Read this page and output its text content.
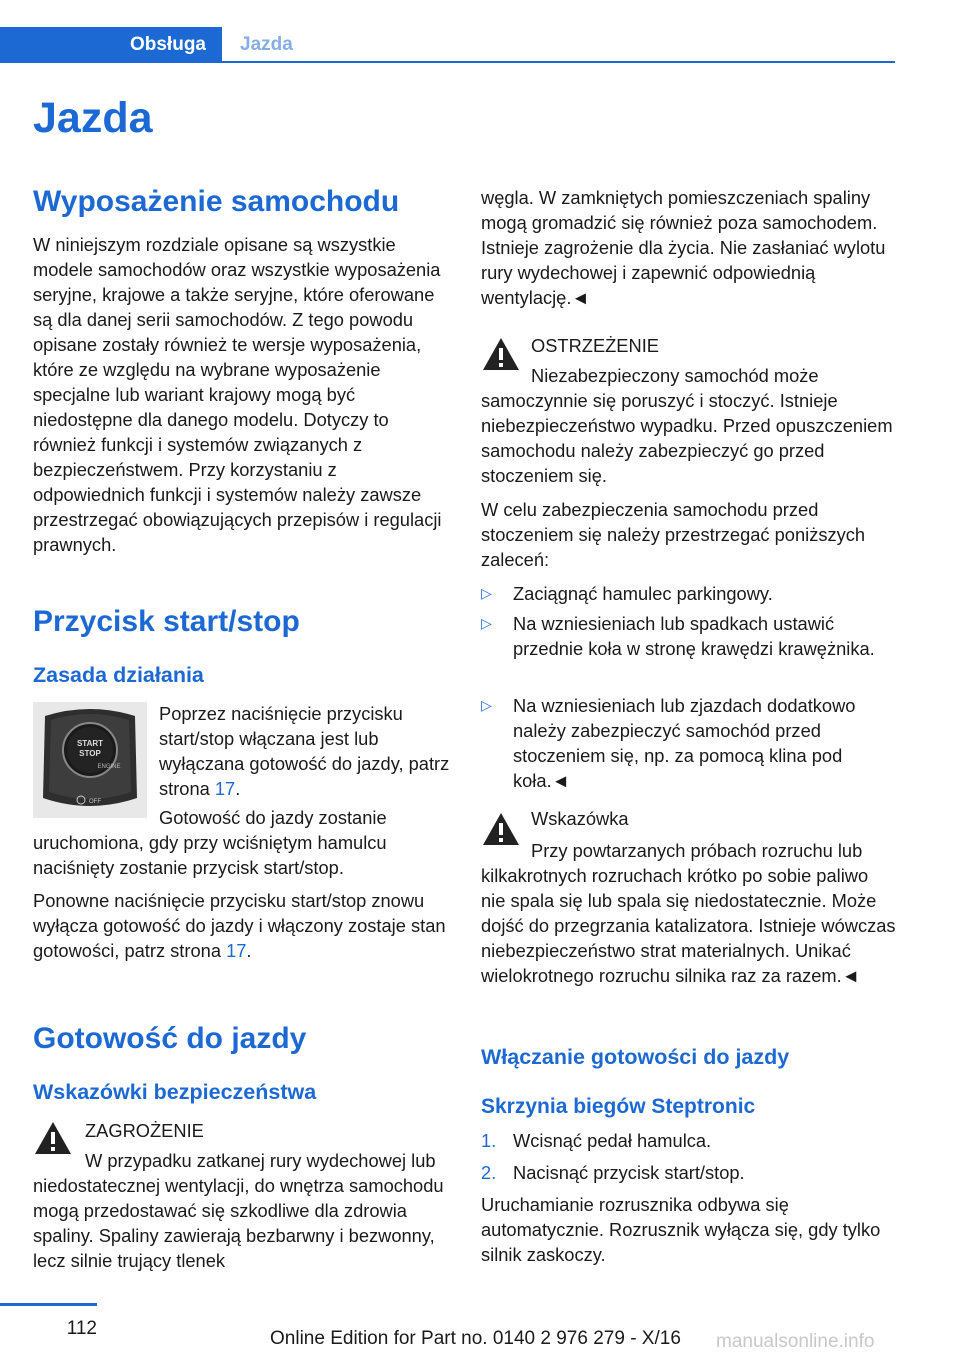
Obsługa	Jazda
Jazda
Wyposażenie samochodu

W niniejszym rozdziale opisane są wszystkie modele samochodów oraz wszystkie wyposażenia seryjne, krajowe a także seryjne, które oferowane są dla danej serii samochodów. Z tego powodu opisane zostały również te wersje wyposażenia, które ze względu na wybrane wyposażenie specjalne lub wariant krajowy mogą być niedostępne dla danego modelu. Dotyczy to również funkcji i systemów związanych z bezpieczeństwem. Przy korzystaniu z odpowiednich funkcji i systemów należy zawsze przestrzegać obowiązujących przepisów i regulacji prawnych.

Przycisk start/stop
Zasada działania
START
STOP
ENGINE
OFF

Poprzez naciśnięcie przycisku start/stop włączana jest lub wyłączana gotowość do jazdy, patrz strona 17.

Gotowość do jazdy zostanie uruchomiona, gdy przy wciśniętym hamulcu naciśnięty zostanie przycisk start/stop.

Ponowne naciśnięcie przycisku start/stop znowu wyłącza gotowość do jazdy i włączony zostaje stan gotowości, patrz strona 17.

Gotowość do jazdy
Wskazówki bezpieczeństwa
ZAGROŻENIE

W przypadku zatkanej rury wydechowej lub niedostatecznej wentylacji, do wnętrza samochodu mogą przedostawać się szkodliwe dla zdrowia spaliny. Spaliny zawierają bezbarwny i bezwonny, lecz silnie trujący tlenek

węgla. W zamkniętych pomieszczeniach spaliny mogą gromadzić się również poza samochodem. Istnieje zagrożenie dla życia. Nie zasłaniać wylotu rury wydechowej i zapewnić odpowiednią wentylację.◄

OSTRZEŻENIE

Niezabezpieczony samochód może samoczynnie się poruszyć i stoczyć. Istnieje niebezpieczeństwo wypadku. Przed opuszczeniem samochodu należy zabezpieczyć go przed stoczeniem się.

W celu zabezpieczenia samochodu przed stoczeniem się należy przestrzegać poniższych zaleceń:

▷	Zaciągnąć hamulec parkingowy.
▷	Na wzniesieniach lub spadkach ustawić przednie koła w stronę krawędzi krawężnika.
▷	Na wzniesieniach lub zjazdach dodatkowo należy zabezpieczyć samochód przed stoczeniem się, np. za pomocą klina pod koła.◄
Wskazówka

Przy powtarzanych próbach rozruchu lub kilkakrotnych rozruchach krótko po sobie paliwo nie spala się lub spala się niedostatecznie. Może dojść do przegrzania katalizatora. Istnieje wówczas niebezpieczeństwo strat materialnych. Unikać wielokrotnego rozruchu silnika raz za razem.◄

Włączanie gotowości do jazdy
Skrzynia biegów Steptronic
1. Wcisnąć pedał hamulca.
2. Nacisnąć przycisk start/stop.

Uruchamianie rozrusznika odbywa się automatycznie. Rozrusznik wyłącza się, gdy tylko silnik zaskoczy.

112	Online Edition for Part no. 0140 2 976 279 - X/16 manualsonline.info
